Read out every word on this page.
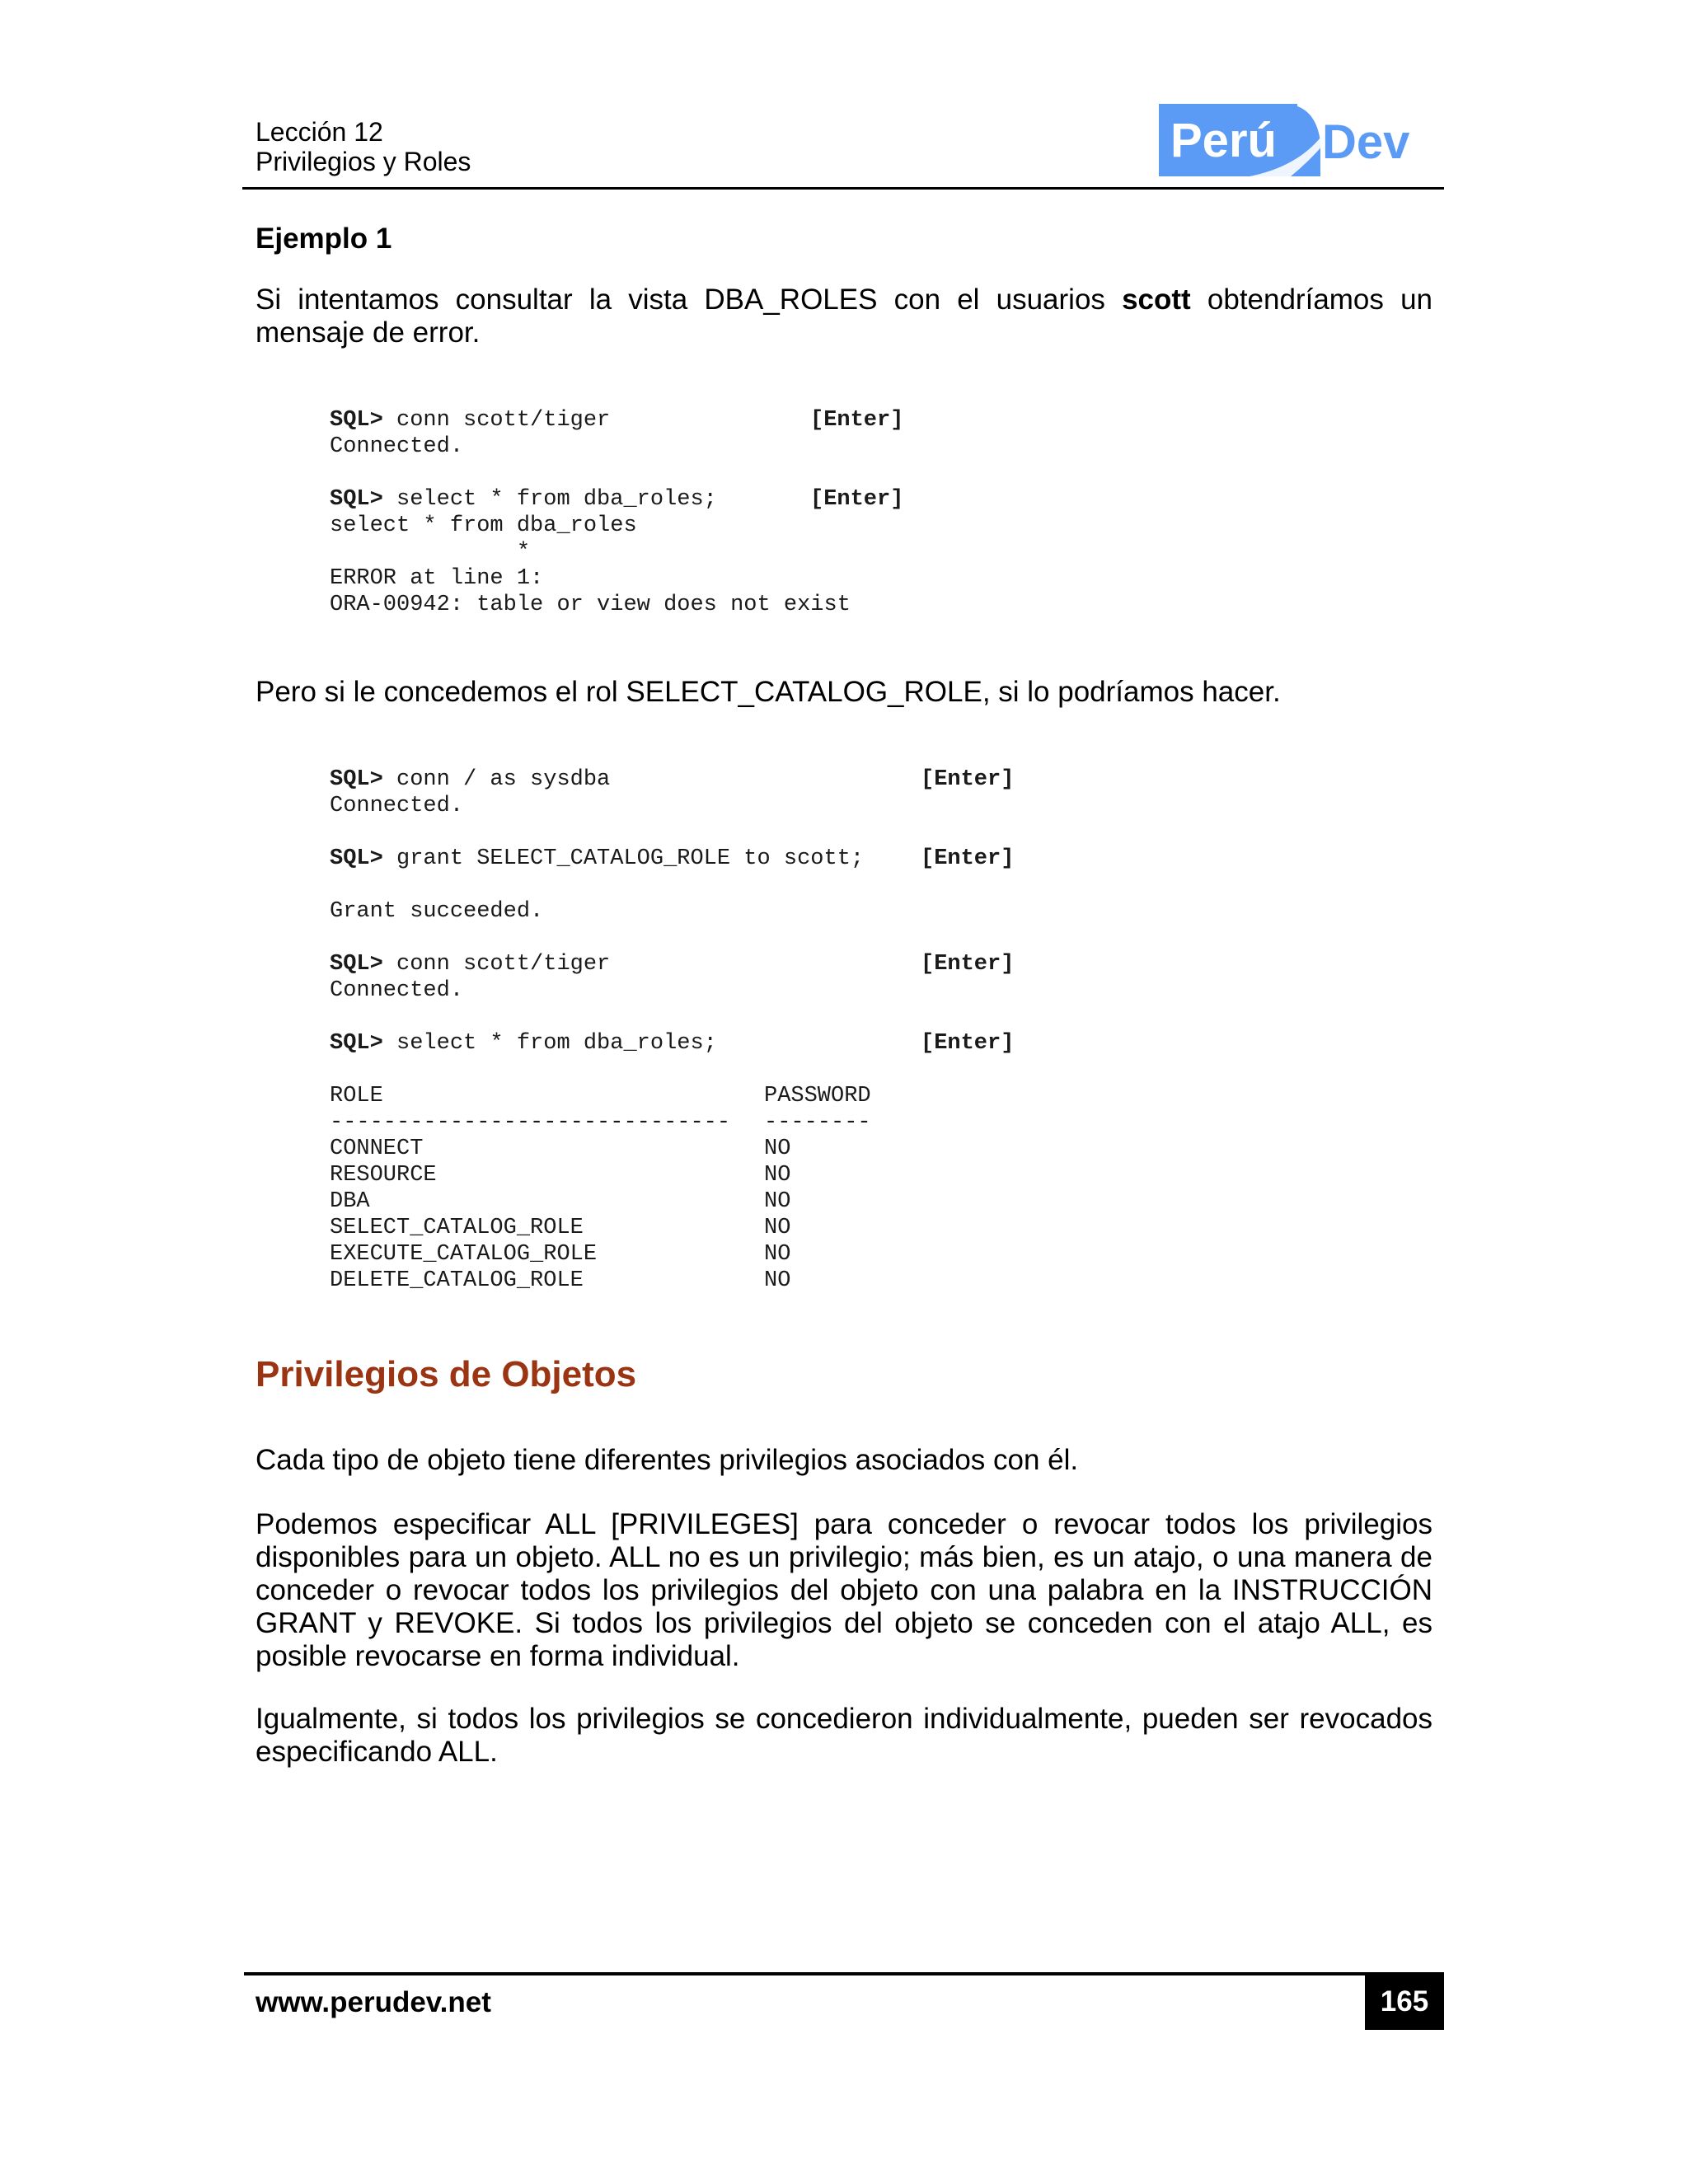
Lección 12
Privilegios y Roles	Perú Dev
Ejemplo 1
Si intentamos consultar la vista DBA_ROLES con el usuarios scott obtendríamos un mensaje de error.
SQL> conn scott/tiger	[Enter]
Connected.
SQL> select * from dba_roles;	[Enter]
select * from dba_roles
*
ERROR at line 1:
ORA-00942: table or view does not exist
Pero si le concedemos el rol SELECT_CATALOG_ROLE, si lo podríamos hacer.
SQL> conn / as sysdba	[Enter]
Connected.
SQL> grant SELECT_CATALOG_ROLE to scott;	[Enter]
Grant succeeded.
SQL> conn scott/tiger	[Enter]
Connected.
SQL> select * from dba_roles;	[Enter]
ROLE	PASSWORD
------------------------------ --------
CONNECT	NO
RESOURCE	NO
DBA	NO
SELECT_CATALOG_ROLE	NO
EXECUTE_CATALOG_ROLE	NO
DELETE_CATALOG_ROLE	NO
Privilegios de Objetos
Cada tipo de objeto tiene diferentes privilegios asociados con él.
Podemos especificar ALL [PRIVILEGES] para conceder o revocar todos los privilegios disponibles para un objeto. ALL no es un privilegio; más bien, es un atajo, o una manera de conceder o revocar todos los privilegios del objeto con una palabra en la INSTRUCCIÓN GRANT y REVOKE. Si todos los privilegios del objeto se conceden con el atajo ALL, es posible revocarse en forma individual.
Igualmente, si todos los privilegios se concedieron individualmente, pueden ser revocados especificando ALL.
www.perudev.net	165
